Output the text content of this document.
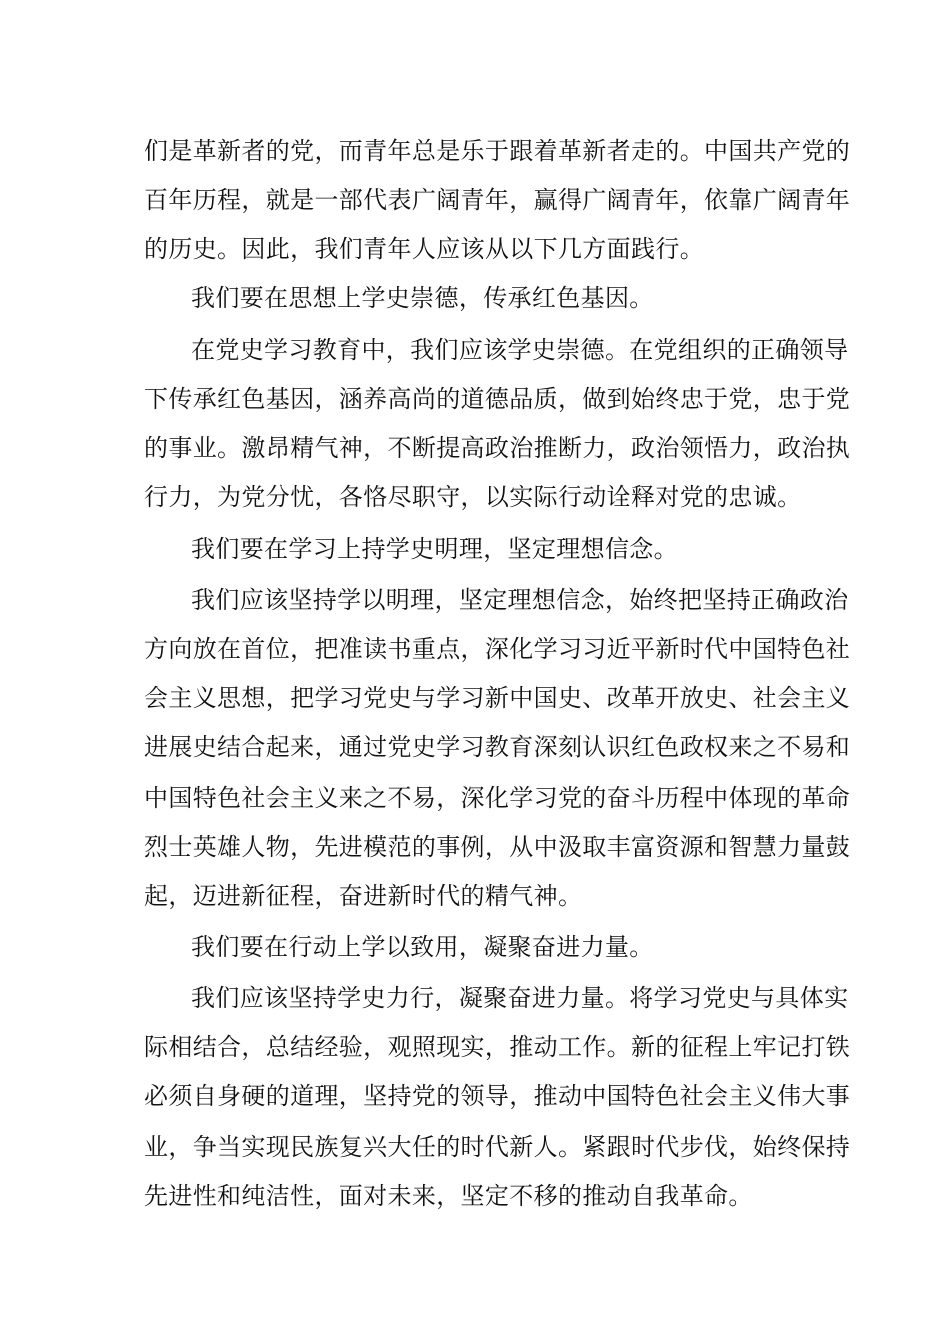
们是革新者的党，而青年总是乐于跟着革新者走的。中国共产党的
百年历程，就是一部代表广阔青年，赢得广阔青年，依靠广阔青年
的历史。因此，我们青年人应该从以下几方面践行。
我们要在思想上学史崇德，传承红色基因。
在党史学习教育中，我们应该学史崇德。在党组织的正确领导
下传承红色基因，涵养高尚的道德品质，做到始终忠于党，忠于党
的事业。激昂精气神，不断提高政治推断力，政治领悟力，政治执
行力，为党分忧，各恪尽职守，以实际行动诠释对党的忠诚。
我们要在学习上持学史明理，坚定理想信念。
我们应该坚持学以明理，坚定理想信念，始终把坚持正确政治
方向放在首位，把准读书重点，深化学习习近平新时代中国特色社
会主义思想，把学习党史与学习新中国史、改革开放史、社会主义
进展史结合起来，通过党史学习教育深刻认识红色政权来之不易和
中国特色社会主义来之不易，深化学习党的奋斗历程中体现的革命
烈士英雄人物，先进模范的事例，从中汲取丰富资源和智慧力量鼓
起，迈进新征程，奋进新时代的精气神。
我们要在行动上学以致用，凝聚奋进力量。
我们应该坚持学史力行，凝聚奋进力量。将学习党史与具体实
际相结合，总结经验，观照现实，推动工作。新的征程上牢记打铁
必须自身硬的道理，坚持党的领导，推动中国特色社会主义伟大事
业，争当实现民族复兴大任的时代新人。紧跟时代步伐，始终保持
先进性和纯洁性，面对未来，坚定不移的推动自我革命。
